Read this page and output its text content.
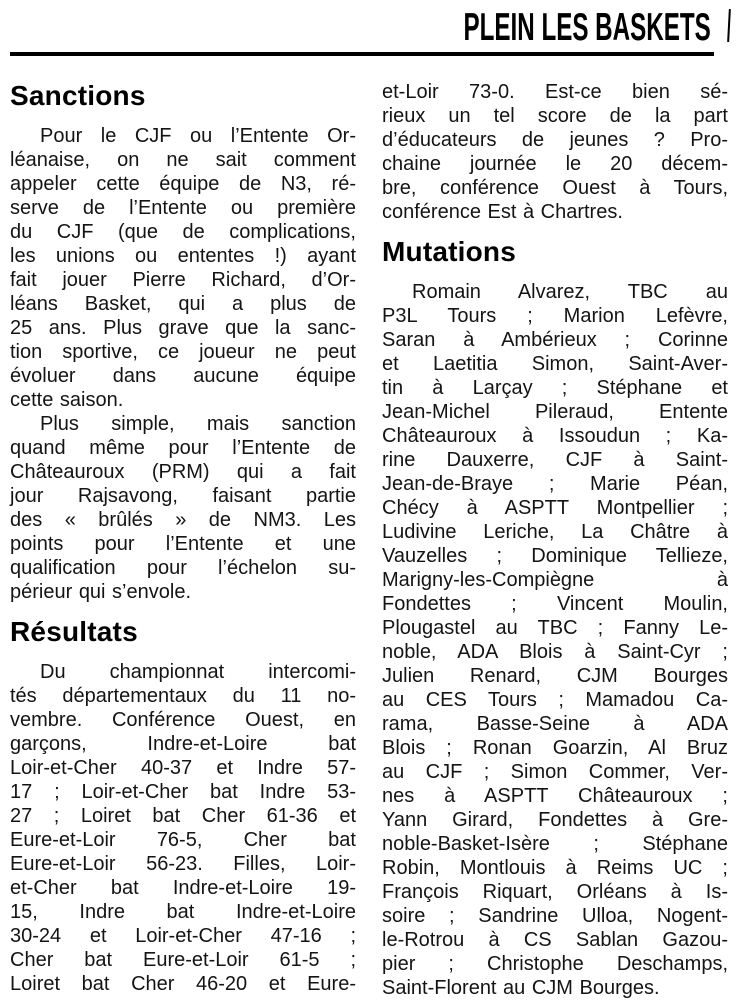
PLEIN LES BASKETS
Sanctions
Pour le CJF ou l’Entente Or-
léanaise, on ne sait comment
appeler cette équipe de N3, ré-
serve de l’Entente ou première
du CJF (que de complications,
les unions ou ententes !) ayant
fait jouer Pierre Richard, d’Or-
léans Basket, qui a plus de
25 ans. Plus grave que la sanc-
tion sportive, ce joueur ne peut
évoluer dans aucune équipe
cette saison.
Plus simple, mais sanction
quand même pour l’Entente de
Châteauroux (PRM) qui a fait
jour Rajsavong, faisant partie
des « brûlés » de NM3. Les
points pour l’Entente et une
qualification pour l’échelon su-
périeur qui s’envole.
Résultats
Du championnat intercomi-
tés départementaux du 11 no-
vembre. Conférence Ouest, en
garçons, Indre-et-Loire bat
Loir-et-Cher 40-37 et Indre 57-
17 ; Loir-et-Cher bat Indre 53-
27 ; Loiret bat Cher 61-36 et
Eure-et-Loir 76-5, Cher bat
Eure-et-Loir 56-23. Filles, Loir-
et-Cher bat Indre-et-Loire 19-
15, Indre bat Indre-et-Loire
30-24 et Loir-et-Cher 47-16 ;
Cher bat Eure-et-Loir 61-5 ;
Loiret bat Cher 46-20 et Eure-
et-Loir 73-0. Est-ce bien sé-
rieux un tel score de la part
d’éducateurs de jeunes ? Pro-
chaine journée le 20 décem-
bre, conférence Ouest à Tours,
conférence Est à Chartres.
Mutations
Romain Alvarez, TBC au
P3L Tours ; Marion Lefèvre,
Saran à Ambérieux ; Corinne
et Laetitia Simon, Saint-Aver-
tin à Larçay ; Stéphane et
Jean-Michel Pileraud, Entente
Châteauroux à Issoudun ; Ka-
rine Dauxerre, CJF à Saint-
Jean-de-Braye ; Marie Péan,
Chécy à ASPTT Montpellier ;
Ludivine Leriche, La Châtre à
Vauzelles ; Dominique Tellieze,
Marigny-les-Compiègne à
Fondettes ; Vincent Moulin,
Plougastel au TBC ; Fanny Le-
noble, ADA Blois à Saint-Cyr ;
Julien Renard, CJM Bourges
au CES Tours ; Mamadou Ca-
rama, Basse-Seine à ADA
Blois ; Ronan Goarzin, Al Bruz
au CJF ; Simon Commer, Ver-
nes à ASPTT Châteauroux ;
Yann Girard, Fondettes à Gre-
noble-Basket-Isère ; Stéphane
Robin, Montlouis à Reims UC ;
François Riquart, Orléans à Is-
soire ; Sandrine Ulloa, Nogent-
le-Rotrou à CS Sablan Gazou-
pier ; Christophe Deschamps,
Saint-Florent au CJM Bourges.
